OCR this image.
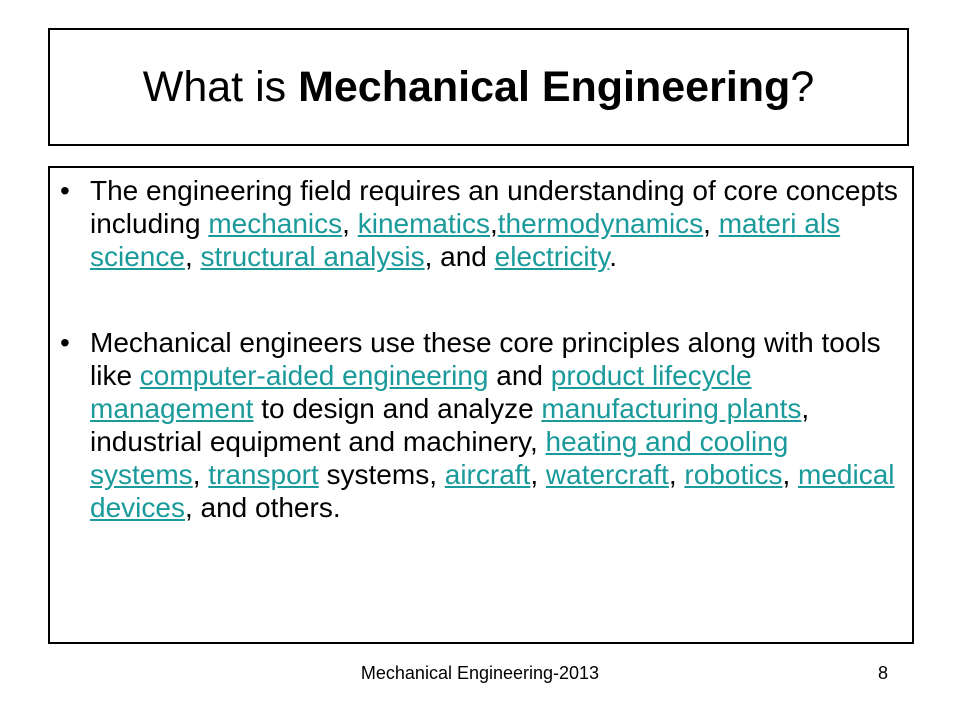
What is Mechanical Engineering?
• The engineering field requires an understanding of core concepts including mechanics, kinematics,thermodynamics, materi als science, structural analysis, and electricity.
• Mechanical engineers use these core principles along with tools like computer-aided engineering and product lifecycle management to design and analyze manufacturing plants, industrial equipment and machinery, heating and cooling systems, transport systems, aircraft, watercraft, robotics, medical devices, and others.
Mechanical Engineering-2013	8
